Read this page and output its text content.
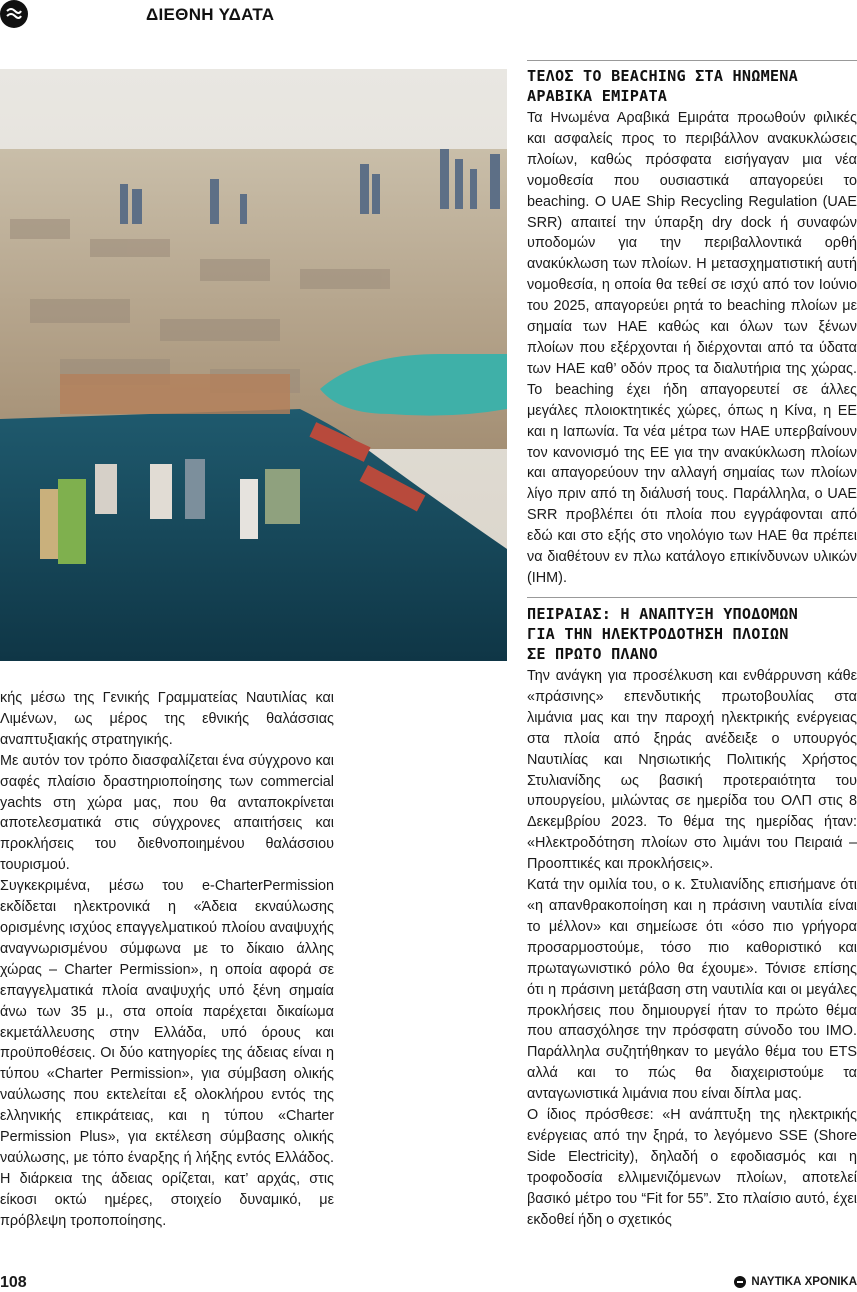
ΔΙΕΘΝΗ ΥΔΑΤΑ

κής μέσω της Γενικής Γραμματείας Ναυτιλίας και Λιμένων, ως μέρος της εθνικής θαλάσσιας αναπτυξιακής στρατηγικής.

Με αυτόν τον τρόπο διασφαλίζεται ένα σύγχρονο και σαφές πλαίσιο δραστηριοποίησης των commercial yachts στη χώρα μας, που θα ανταποκρίνεται αποτελεσματικά στις σύγχρονες απαιτήσεις και προκλήσεις του διεθνοποιημένου θαλάσσιου τουρισμού.

Συγκεκριμένα, μέσω του e-CharterPermission εκδίδεται ηλεκτρονικά η «Άδεια εκναύλωσης ορισμένης ισχύος επαγγελματικού πλοίου αναψυχής αναγνωρισμένου σύμφωνα με το δίκαιο άλλης χώρας – Charter Permission», η οποία αφορά σε επαγγελματικά πλοία αναψυχής υπό ξένη σημαία άνω των 35 μ., στα οποία παρέχεται δικαίωμα εκμετάλλευσης στην Ελλάδα, υπό όρους και προϋποθέσεις. Οι δύο κατηγορίες της άδειας είναι η τύπου «Charter Permission», για σύμβαση ολικής ναύλωσης που εκτελείται εξ ολοκλήρου εντός της ελληνικής επικράτειας, και η τύπου «Charter Permission Plus», για εκτέλεση σύμβασης ολικής ναύλωσης, με τόπο έναρξης ή λήξης εντός Ελλάδος. Η διάρκεια της άδειας ορίζεται, κατ’ αρχάς, στις είκοσι οκτώ ημέρες, στοιχείο δυναμικό, με πρόβλεψη τροποποίησης.

ΤΕΛΟΣ ΤΟ BEACHING ΣΤΑ ΗΝΩΜΕΝΑ
ΑΡΑΒΙΚΑ ΕΜΙΡΑΤΑ

Τα Ηνωμένα Αραβικά Εμιράτα προωθούν φιλικές και ασφαλείς προς το περιβάλλον ανακυκλώσεις πλοίων, καθώς πρόσφατα εισήγαγαν μια νέα νομοθεσία που ουσιαστικά απαγορεύει το beaching. Ο UAE Ship Recycling Regulation (UAE SRR) απαιτεί την ύπαρξη dry dock ή συναφών υποδομών για την περιβαλλοντικά ορθή ανακύκλωση των πλοίων. Η μετασχηματιστική αυτή νομοθεσία, η οποία θα τεθεί σε ισχύ από τον Ιούνιο του 2025, απαγορεύει ρητά το beaching πλοίων με σημαία των ΗΑΕ καθώς και όλων των ξένων πλοίων που εξέρχονται ή διέρχονται από τα ύδατα των ΗΑΕ καθ’ οδόν προς τα διαλυτήρια της χώρας. Το beaching έχει ήδη απαγορευτεί σε άλλες μεγάλες πλοιοκτητικές χώρες, όπως η Κίνα, η ΕΕ και η Ιαπωνία. Τα νέα μέτρα των ΗΑΕ υπερβαίνουν τον κανονισμό της ΕΕ για την ανακύκλωση πλοίων και απαγορεύουν την αλλαγή σημαίας των πλοίων λίγο πριν από τη διάλυσή τους. Παράλληλα, ο UAE SRR προβλέπει ότι πλοία που εγγράφονται από εδώ και στο εξής στο νηολόγιο των ΗΑΕ θα πρέπει να διαθέτουν εν πλω κατάλογο επικίνδυνων υλικών (IHM).

ΠΕΙΡΑΙΑΣ: Η ΑΝΑΠΤΥΞΗ ΥΠΟΔΟΜΩΝ
ΓΙΑ ΤΗΝ ΗΛΕΚΤΡΟΔΟΤΗΣΗ ΠΛΟΙΩΝ
ΣΕ ΠΡΩΤΟ ΠΛΑΝΟ

Την ανάγκη για προσέλκυση και ενθάρρυνση κάθε «πράσινης» επενδυτικής πρωτοβουλίας στα λιμάνια μας και την παροχή ηλεκτρικής ενέργειας στα πλοία από ξηράς ανέδειξε ο υπουργός Ναυτιλίας και Νησιωτικής Πολιτικής Χρήστος Στυλιανίδης ως βασική προτεραιότητα του υπουργείου, μιλώντας σε ημερίδα του ΟΛΠ στις 8 Δεκεμβρίου 2023. Το θέμα της ημερίδας ήταν: «Ηλεκτροδότηση πλοίων στο λιμάνι του Πειραιά – Προοπτικές και προκλήσεις».

Κατά την ομιλία του, ο κ. Στυλιανίδης επισήμανε ότι «η απανθρακοποίηση και η πράσινη ναυτιλία είναι το μέλλον» και σημείωσε ότι «όσο πιο γρήγορα προσαρμοστούμε, τόσο πιο καθοριστικό και πρωταγωνιστικό ρόλο θα έχουμε». Τόνισε επίσης ότι η πράσινη μετάβαση στη ναυτιλία και οι μεγάλες προκλήσεις που δημιουργεί ήταν το πρώτο θέμα που απασχόλησε την πρόσφατη σύνοδο του IMO. Παράλληλα συζητήθηκαν το μεγάλο θέμα του ETS αλλά και το πώς θα διαχειριστούμε τα ανταγωνιστικά λιμάνια που είναι δίπλα μας.

Ο ίδιος πρόσθεσε: «Η ανάπτυξη της ηλεκτρικής ενέργειας από την ξηρά, το λεγόμενο SSE (Shore Side Electricity), δηλαδή ο εφοδιασμός και η τροφοδοσία ελλιμενιζόμενων πλοίων, αποτελεί βασικό μέτρο του “Fit for 55”. Στο πλαίσιο αυτό, έχει εκδοθεί ήδη ο σχετικός

108	ΝΑΥΤΙΚΑ ΧΡΟΝΙΚΑ
